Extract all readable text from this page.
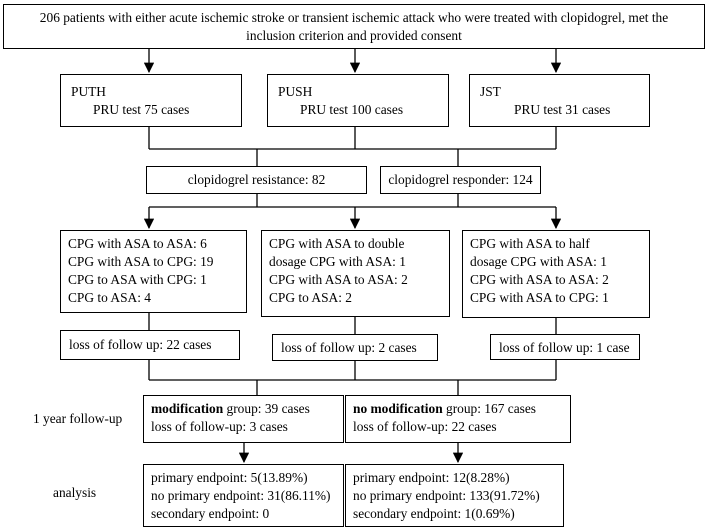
206 patients with either acute ischemic stroke or transient ischemic attack who were treated with clopidogrel, met the
inclusion criterion and provided consent
PUTH
PRU test 75 cases
PUSH
PRU test 100 cases
JST
PRU test 31 cases
clopidogrel resistance: 82	clopidogrel responder: 124
CPG with ASA to ASA: 6
CPG with ASA to CPG: 19
CPG to ASA with CPG: 1
CPG to ASA: 4
CPG with ASA to double
dosage CPG with ASA: 1
CPG with ASA to ASA: 2
CPG to ASA: 2
CPG with ASA to half
dosage CPG with ASA: 1
CPG with ASA to ASA: 2
CPG with ASA to CPG: 1
loss of follow up: 22 cases	loss of follow up: 2 cases	loss of follow up: 1 case
1 year follow-up
analysis
modification group: 39 cases
loss of follow-up: 3 cases
no modification group: 167 cases
loss of follow-up: 22 cases
primary endpoint: 5(13.89%)
no primary endpoint: 31(86.11%)
secondary endpoint: 0
primary endpoint: 12(8.28%)
no primary endpoint: 133(91.72%)
secondary endpoint: 1(0.69%)
